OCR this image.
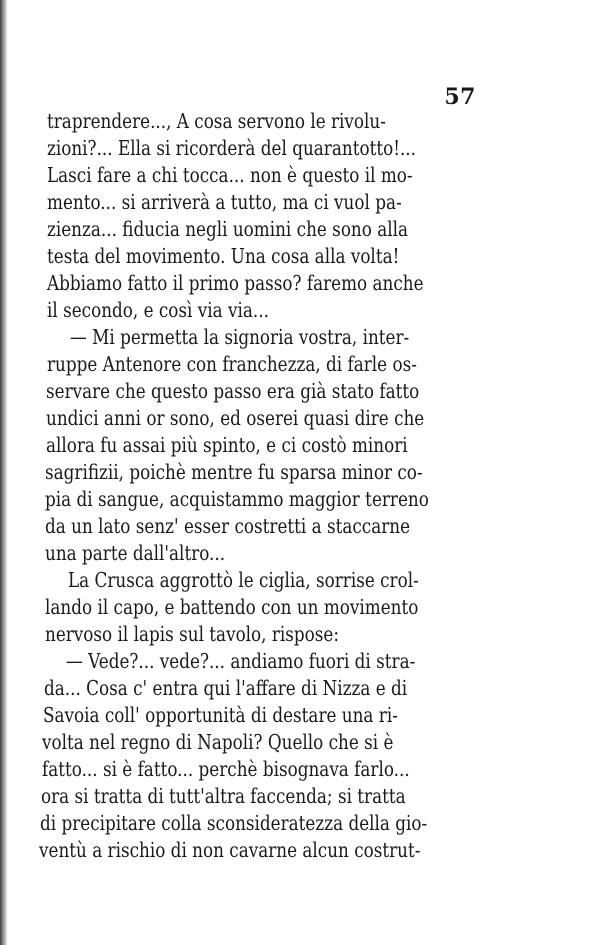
57
traprendere..., A cosa servono le rivolu-
zioni?... Ella si ricorderà del quarantotto!...
Lasci fare a chi tocca... non è questo il mo-
mento... si arriverà a tutto, ma ci vuol pa-
zienza... fiducia negli uomini che sono alla
testa del movimento. Una cosa alla volta!
Abbiamo fatto il primo passo? faremo anche
il secondo, e così via via...
— Mi permetta la signoria vostra, inter-
ruppe Antenore con franchezza, di farle os-
servare che questo passo era già stato fatto
undici anni or sono, ed oserei quasi dire che
allora fu assai più spinto, e ci costò minori
sagrifizii, poichè mentre fu sparsa minor co-
pia di sangue, acquistammo maggior terreno
da un lato senz' esser costretti a staccarne
una parte dall'altro...
La Crusca aggrottò le ciglia, sorrise crol-
lando il capo, e battendo con un movimento
nervoso il lapis sul tavolo, rispose:
— Vede?... vede?... andiamo fuori di stra-
da... Cosa c' entra qui l'affare di Nizza e di
Savoia coll' opportunità di destare una ri-
volta nel regno di Napoli? Quello che si è
fatto... si è fatto... perchè bisognava farlo...
ora si tratta di tutt'altra faccenda; si tratta
di precipitare colla sconsideratezza della gio-
ventù a rischio di non cavarne alcun costrut-
